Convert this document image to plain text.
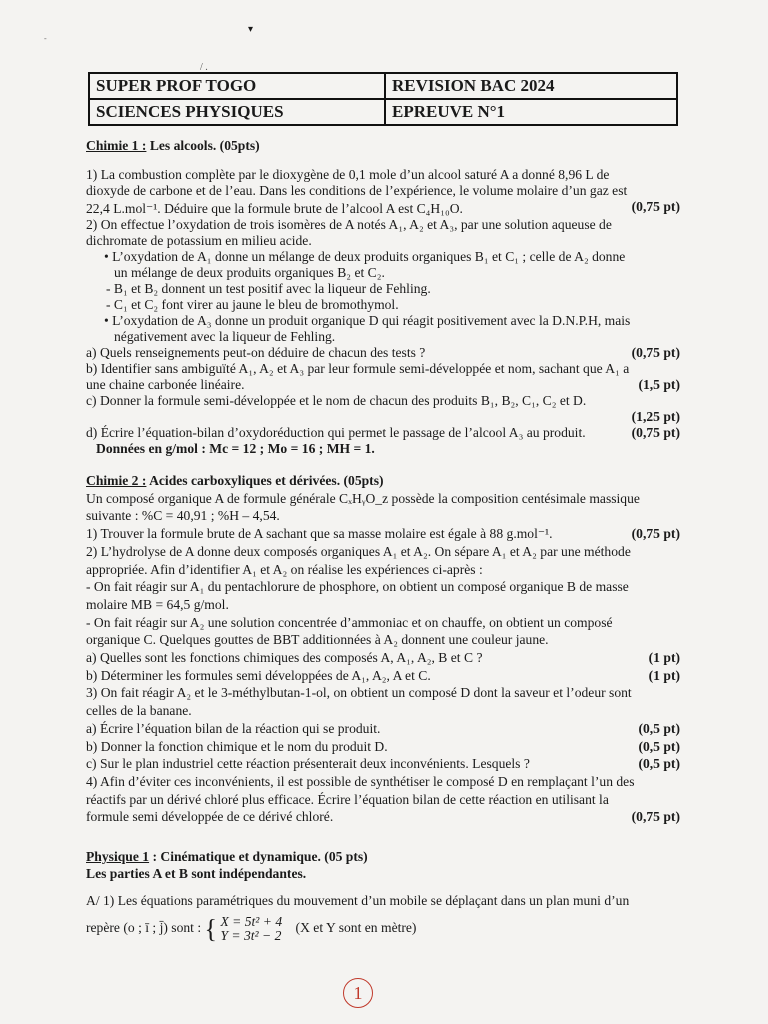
▾
-
/ .
SUPER PROF TOGO	REVISION BAC 2024
SCIENCES PHYSIQUES	EPREUVE N°1
Chimie 1 : Les alcools. (05pts)
1) La combustion complète par le dioxygène de 0,1 mole d’un alcool saturé A a donné 8,96 L de
dioxyde de carbone et de l’eau. Dans les conditions de l’expérience, le volume molaire d’un gaz est
(0,75 pt)
22,4 L.mol⁻¹. Déduire que la formule brute de l’alcool A est C₄H₁₀O.
2) On effectue l’oxydation de trois isomères de A notés A₁, A₂ et A₃, par une solution aqueuse de
dichromate de potassium en milieu acide.
• L’oxydation de A₁ donne un mélange de deux produits organiques B₁ et C₁ ; celle de A₂ donne
un mélange de deux produits organiques B₂ et C₂.
- B₁ et B₂ donnent un test positif avec la liqueur de Fehling.
- C₁ et C₂ font virer au jaune le bleu de bromothymol.
• L’oxydation de A₃ donne un produit organique D qui réagit positivement avec la D.N.P.H, mais
négativement avec la liqueur de Fehling.
a) Quels renseignements peut-on déduire de chacun des tests ?	(0,75 pt)
b) Identifier sans ambiguïté A₁, A₂ et A₃ par leur formule semi-développée et nom, sachant que A₁ a
une chaine carbonée linéaire.	(1,5 pt)
c) Donner la formule semi-développée et le nom de chacun des produits B₁, B₂, C₁, C₂ et D.
(1,25 pt)
d) Écrire l’équation-bilan d’oxydoréduction qui permet le passage de l’alcool A₃ au produit.	(0,75 pt)
Données en g/mol : Mc = 12 ; Mo = 16 ; MH = 1.
Chimie 2 : Acides carboxyliques et dérivées. (05pts)
Un composé organique A de formule générale CₓHᵧO_z possède la composition centésimale massique
suivante : %C = 40,91 ; %H – 4,54.
1) Trouver la formule brute de A sachant que sa masse molaire est égale à 88 g.mol⁻¹.	(0,75 pt)
2) L’hydrolyse de A donne deux composés organiques A₁ et A₂. On sépare A₁ et A₂ par une méthode
appropriée. Afin d’identifier A₁ et A₂ on réalise les expériences ci-après :
- On fait réagir sur A₁ du pentachlorure de phosphore, on obtient un composé organique B de masse
molaire MB = 64,5 g/mol.
- On fait réagir sur A₂ une solution concentrée d’ammoniac et on chauffe, on obtient un composé
organique C. Quelques gouttes de BBT additionnées à A₂ donnent une couleur jaune.
a) Quelles sont les fonctions chimiques des composés A, A₁, A₂, B et C ?	(1 pt)
b) Déterminer les formules semi développées de A₁, A₂, A et C.	(1 pt)
3) On fait réagir A₂ et le 3-méthylbutan-1-ol, on obtient un composé D dont la saveur et l’odeur sont
celles de la banane.
a) Écrire l’équation bilan de la réaction qui se produit.	(0,5 pt)
b) Donner la fonction chimique et le nom du produit D.	(0,5 pt)
c) Sur le plan industriel cette réaction présenterait deux inconvénients. Lesquels ?	(0,5 pt)
4) Afin d’éviter ces inconvénients, il est possible de synthétiser le composé D en remplaçant l’un des
réactifs par un dérivé chloré plus efficace. Écrire l’équation bilan de cette réaction en utilisant la
formule semi développée de ce dérivé chloré.	(0,75 pt)
Physique 1 : Cinématique et dynamique. (05 pts)
Les parties A et B sont indépendantes.
A/ 1) Les équations paramétriques du mouvement d’un mobile se déplaçant dans un plan muni d’un
repère (o ; ī ; j̄) sont : { X = 5t² + 4
Y = 3t² − 2 (X et Y sont en mètre)
1
